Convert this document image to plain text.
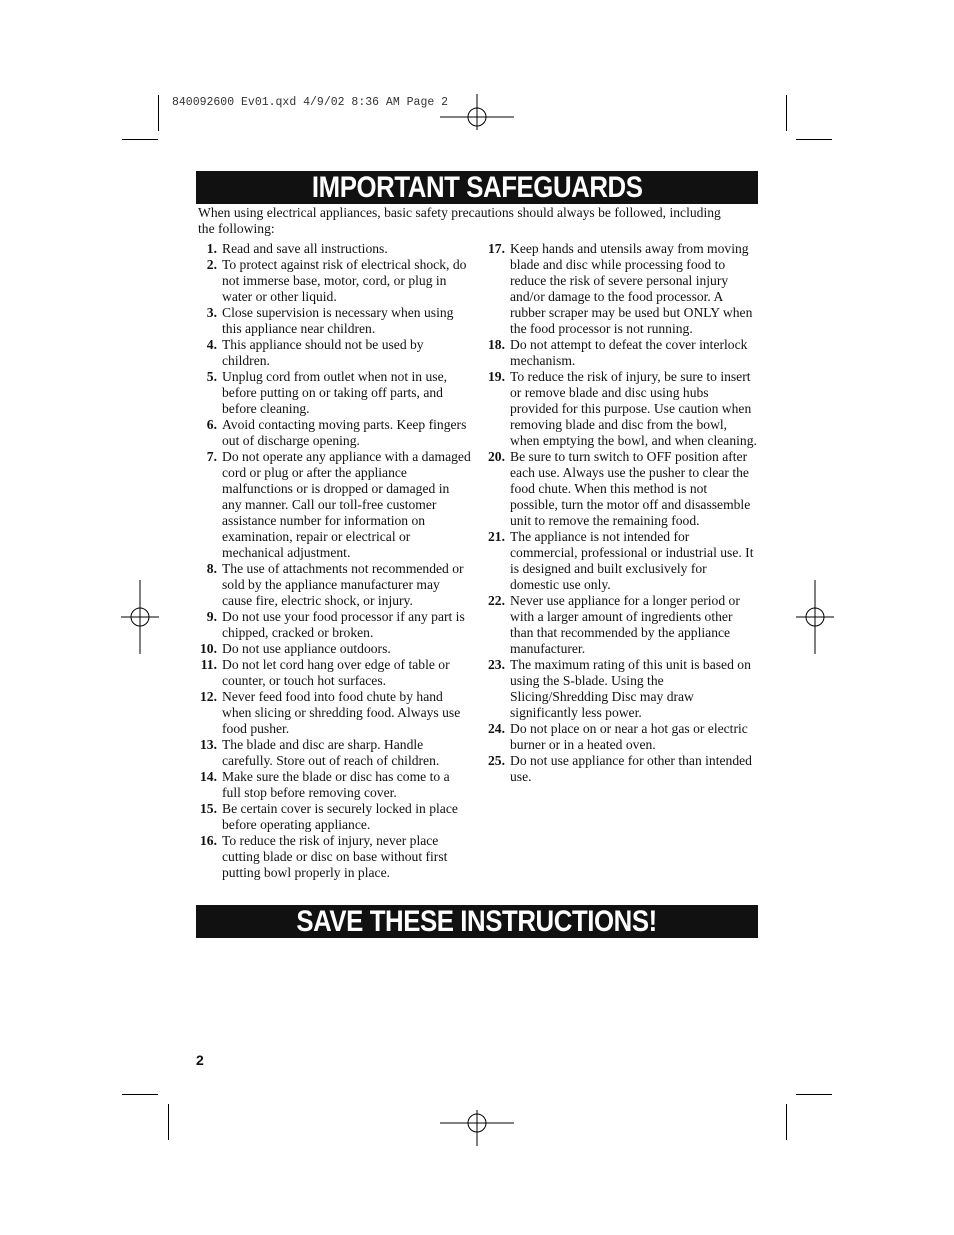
840092600 Ev01.qxd 4/9/02 8:36 AM Page 2
IMPORTANT SAFEGUARDS
When using electrical appliances, basic safety precautions should always be followed, including the following:
1. Read and save all instructions.
2. To protect against risk of electrical shock, do not immerse base, motor, cord, or plug in water or other liquid.
3. Close supervision is necessary when using this appliance near children.
4. This appliance should not be used by children.
5. Unplug cord from outlet when not in use, before putting on or taking off parts, and before cleaning.
6. Avoid contacting moving parts. Keep fingers out of discharge opening.
7. Do not operate any appliance with a damaged cord or plug or after the appliance malfunctions or is dropped or damaged in any manner. Call our toll-free customer assistance number for information on examination, repair or electrical or mechanical adjustment.
8. The use of attachments not recommended or sold by the appliance manufacturer may cause fire, electric shock, or injury.
9. Do not use your food processor if any part is chipped, cracked or broken.
10. Do not use appliance outdoors.
11. Do not let cord hang over edge of table or counter, or touch hot surfaces.
12. Never feed food into food chute by hand when slicing or shredding food. Always use food pusher.
13. The blade and disc are sharp. Handle carefully. Store out of reach of children.
14. Make sure the blade or disc has come to a full stop before removing cover.
15. Be certain cover is securely locked in place before operating appliance.
16. To reduce the risk of injury, never place cutting blade or disc on base without first putting bowl properly in place.
17. Keep hands and utensils away from moving blade and disc while processing food to reduce the risk of severe personal injury and/or damage to the food processor. A rubber scraper may be used but ONLY when the food processor is not running.
18. Do not attempt to defeat the cover interlock mechanism.
19. To reduce the risk of injury, be sure to insert or remove blade and disc using hubs provided for this purpose. Use caution when removing blade and disc from the bowl, when emptying the bowl, and when cleaning.
20. Be sure to turn switch to OFF position after each use. Always use the pusher to clear the food chute. When this method is not possible, turn the motor off and disassemble unit to remove the remaining food.
21. The appliance is not intended for commercial, professional or industrial use. It is designed and built exclusively for domestic use only.
22. Never use appliance for a longer period or with a larger amount of ingredients other than that recommended by the appliance manufacturer.
23. The maximum rating of this unit is based on using the S-blade. Using the Slicing/Shredding Disc may draw significantly less power.
24. Do not place on or near a hot gas or electric burner or in a heated oven.
25. Do not use appliance for other than intended use.
SAVE THESE INSTRUCTIONS!
2
